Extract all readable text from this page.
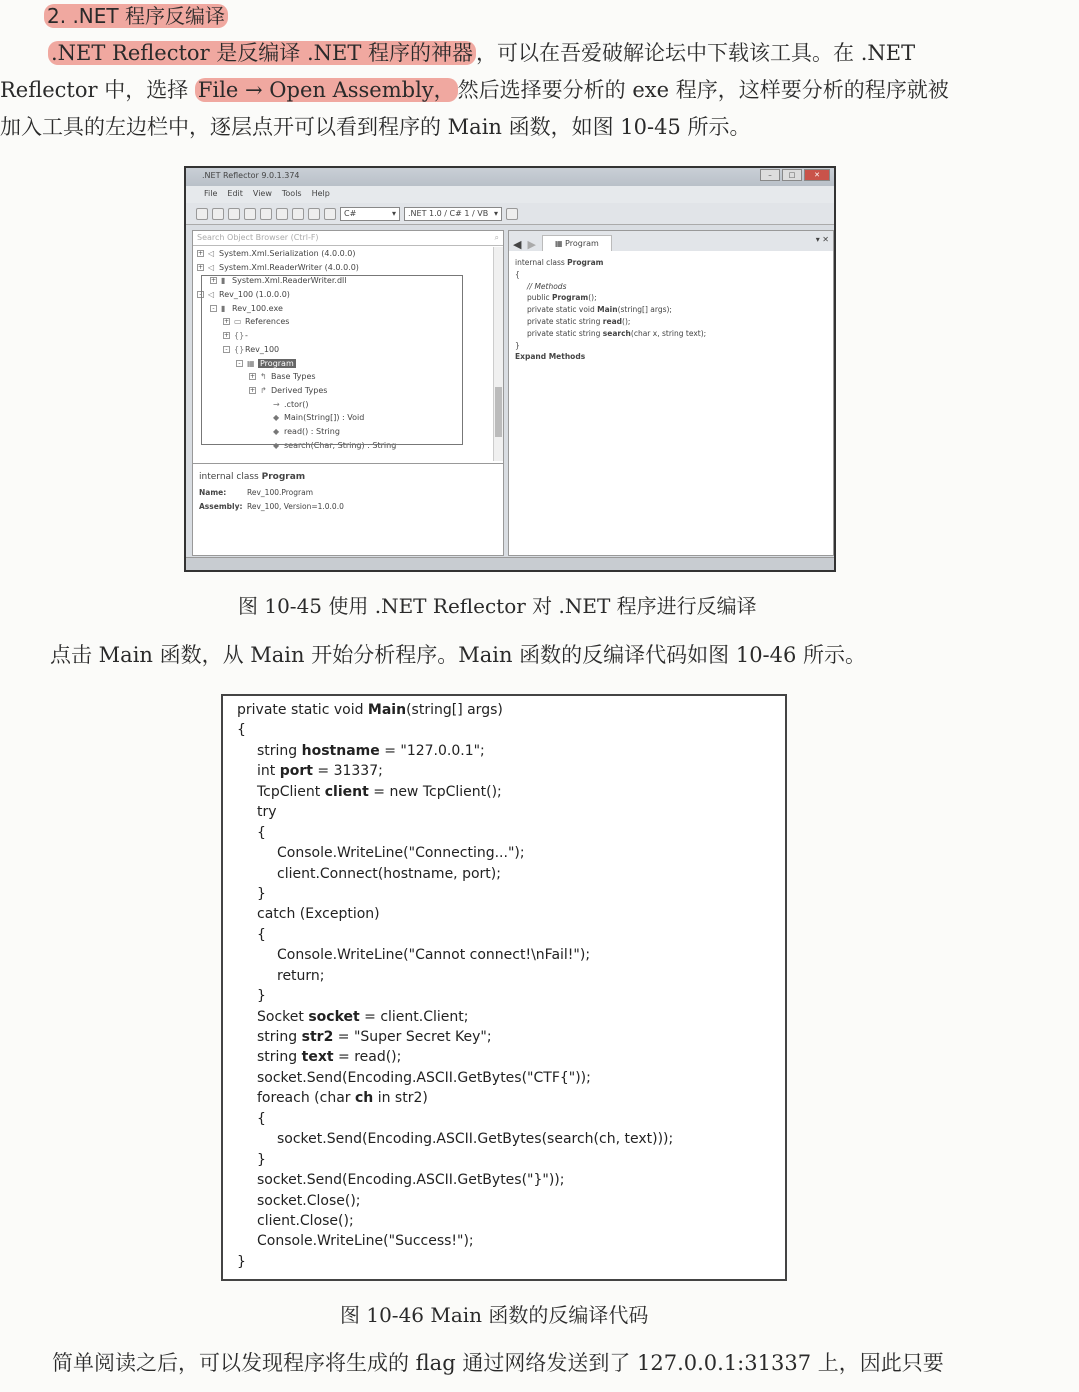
2. .NET 程序反编译
.NET Reflector 是反编译 .NET 程序的神器 ，可以在吾爱破解论坛中下载该工具。在 .NET
Reflector 中，选择 File → Open Assembly， 然后选择要分析的 exe 程序，这样要分析的程序就被
加入工具的左边栏中，逐层点开可以看到程序的 Main 函数，如图 10-45 所示。
.NET Reflector 9.0.1.374	–	□	✕
File Edit View Tools Help
C#	▾ .NET 1.0 / C# 1 / VB ▾
Search Object Browser (Ctrl-F)	⌕
+ ◁ System.Xml.Serialization (4.0.0.0)
+ ◁ System.Xml.ReaderWriter (4.0.0.0)
+ ▮ System.Xml.ReaderWriter.dll
- ◁ Rev_100 (1.0.0.0)
- ▮ Rev_100.exe
+ ▭ References
+ {}-
- {}Rev_100
- ▦ Program
+ ↰ Base Types
+ ↱ Derived Types
→ .ctor()
◆ Main(String[]) : Void
◆ read() : String
◆ search(Char, String) : String
internal class Program
Name:	Rev_100.Program
Assembly: Rev_100, Version=1.0.0.0
◀ ▶	▦ Program	▾ ✕
internal class Program
{
// Methods
public Program();
private static void Main(string[] args);
private static string read();
private static string search(char x, string text);
}
Expand Methods
图 10-45 使用 .NET Reflector 对 .NET 程序进行反编译
点击 Main 函数，从 Main 开始分析程序。Main 函数的反编译代码如图 10-46 所示。
private static void Main(string[] args)
{
string hostname = "127.0.0.1";
int port = 31337;
TcpClient client = new TcpClient();
try
{
Console.WriteLine("Connecting...");
client.Connect(hostname, port);
}
catch (Exception)
{
Console.WriteLine("Cannot connect!\nFail!");
return;
}
Socket socket = client.Client;
string str2 = "Super Secret Key";
string text = read();
socket.Send(Encoding.ASCII.GetBytes("CTF{"));
foreach (char ch in str2)
{
socket.Send(Encoding.ASCII.GetBytes(search(ch, text)));
}
socket.Send(Encoding.ASCII.GetBytes("}"));
socket.Close();
client.Close();
Console.WriteLine("Success!");
}
图 10-46 Main 函数的反编译代码
简单阅读之后，可以发现程序将生成的 flag 通过网络发送到了 127.0.0.1:31337 上，因此只要
